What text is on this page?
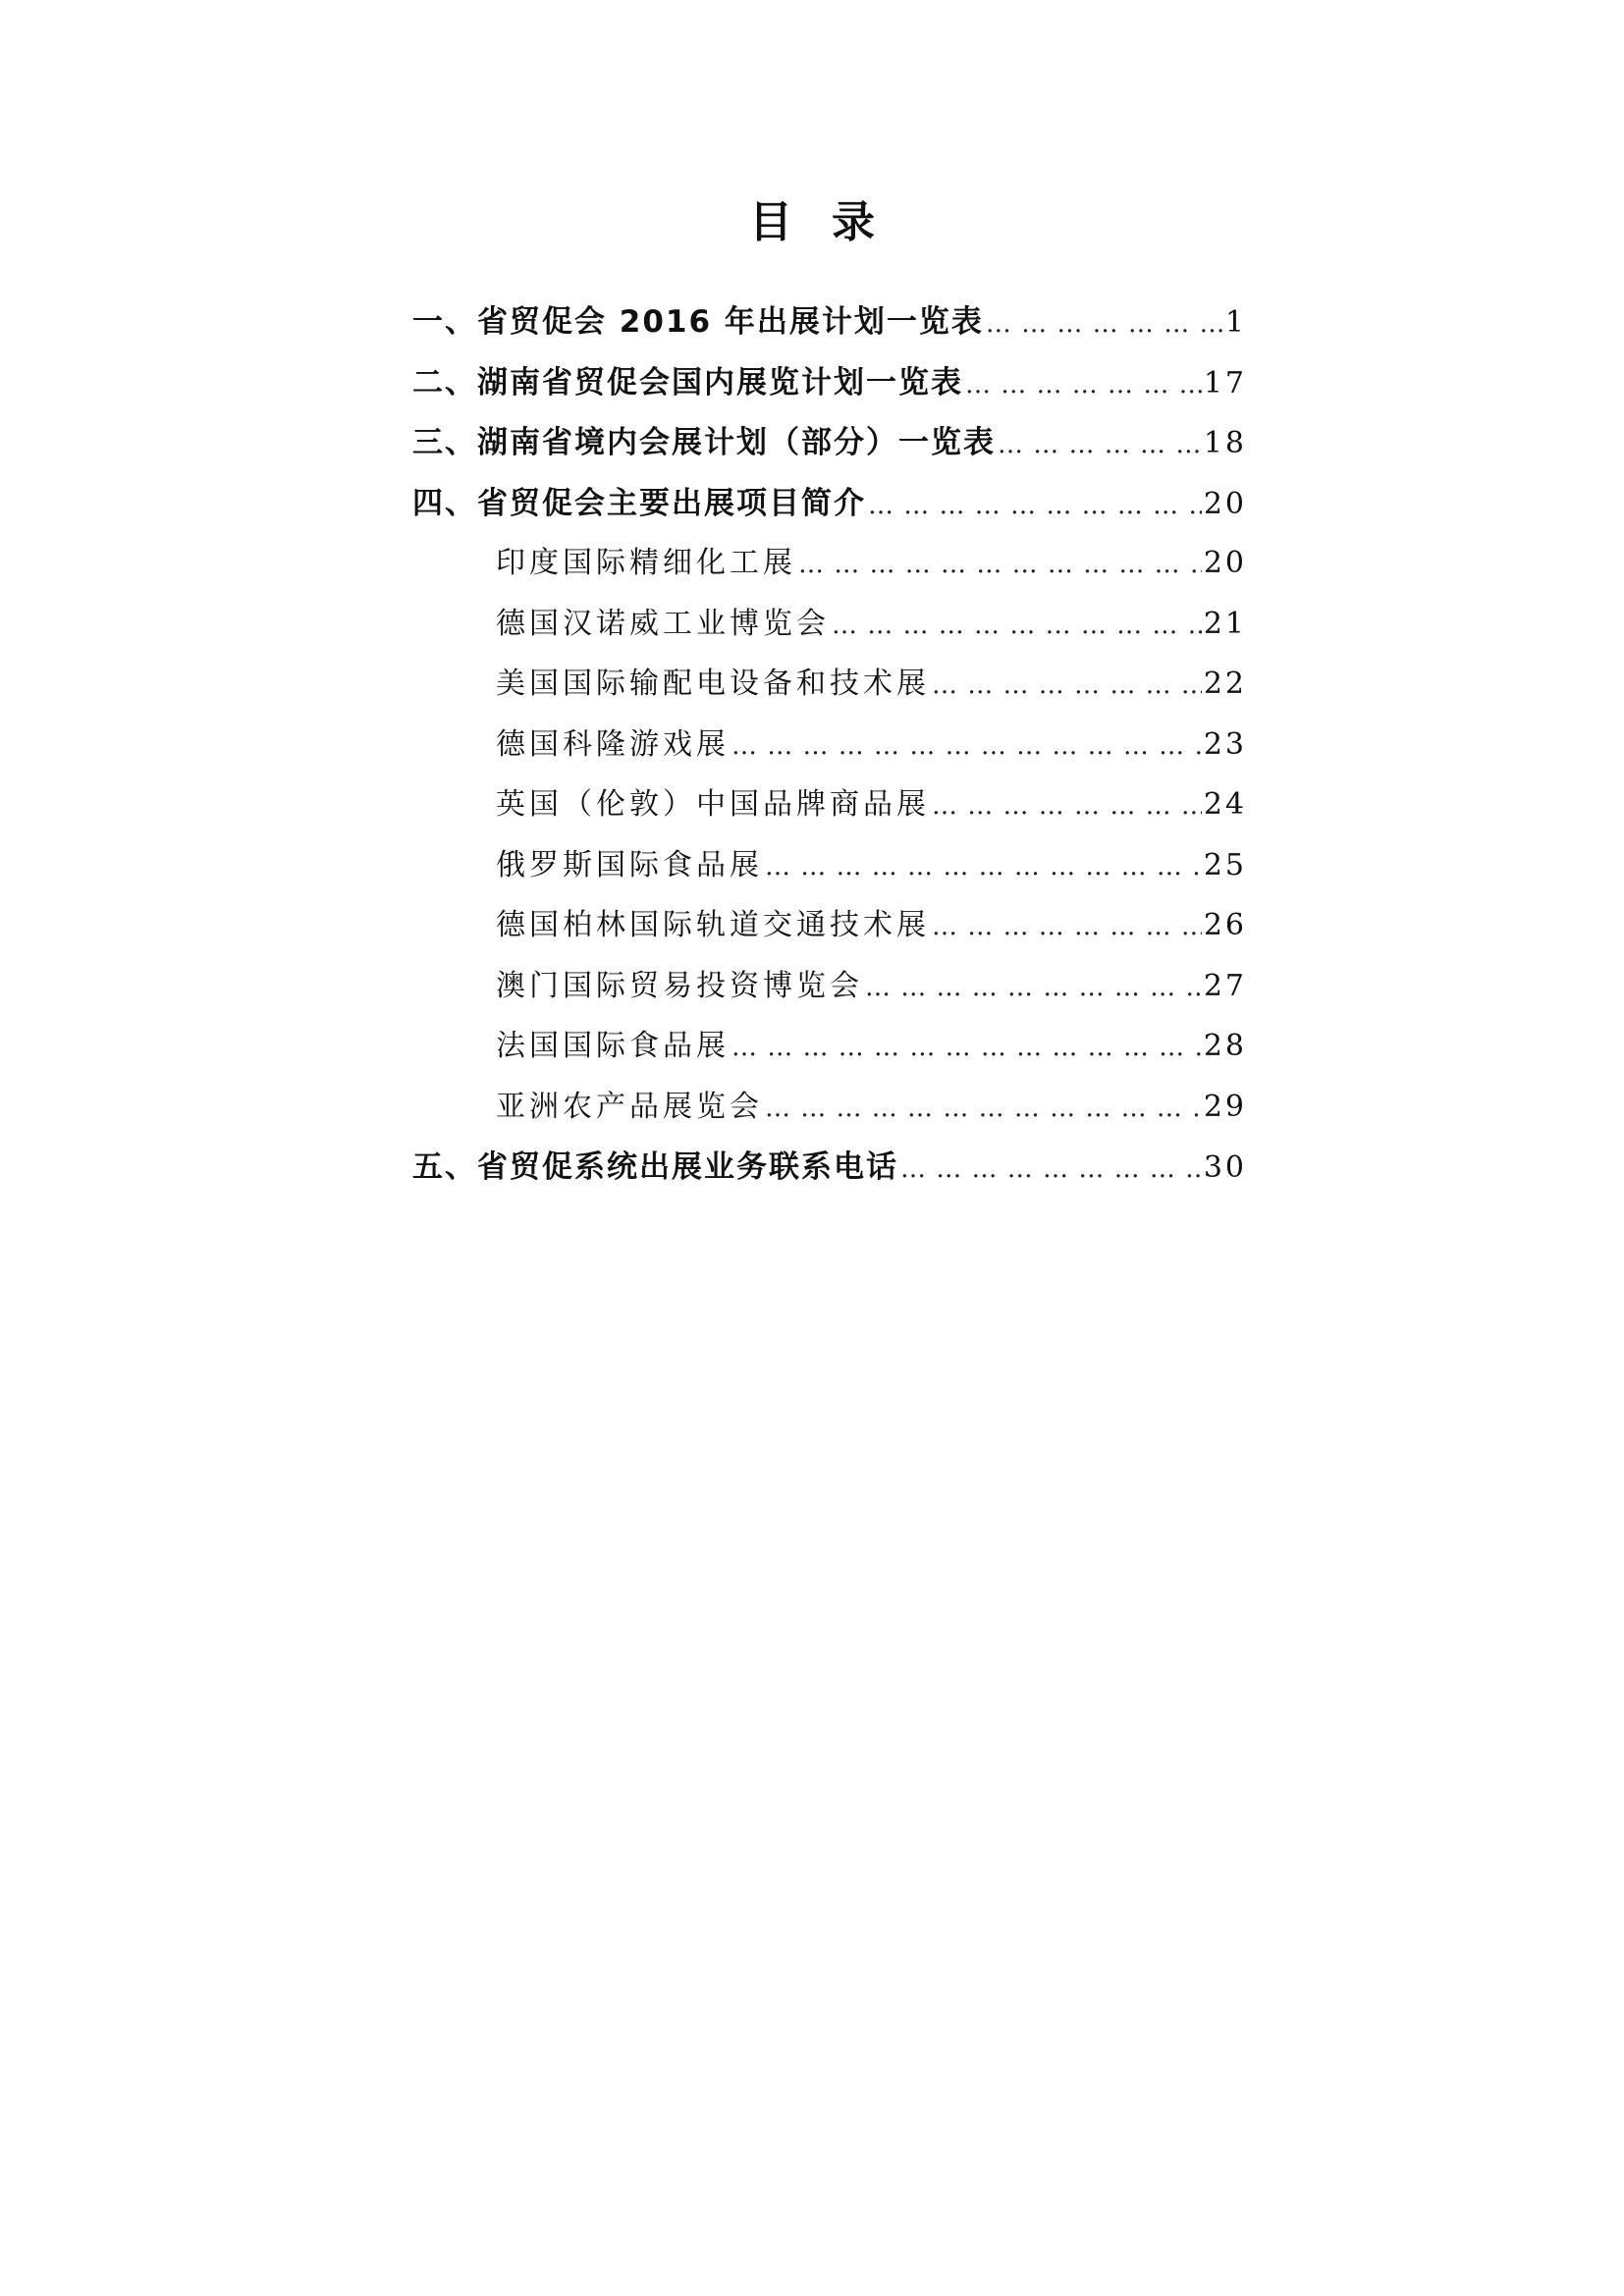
目录
一、省贸促会 2016 年出展计划一览表 … … … … … … … … … … … … … … … … … … … … … … … … … … … … … … … … … … … … … … … … … … … …	1
二、湖南省贸促会国内展览计划一览表 … … … … … … … … … … … … … … … … … … … … … … … … … … … … … … … … … … … … … … … … … … … …	17
三、湖南省境内会展计划（部分）一览表 … … … … … … … … … … … … … … … … … … … … … … … … … … … … … … … … … … … … … … … … … … … …	18
四、省贸促会主要出展项目简介 … … … … … … … … … … … … … … … … … … … … … … … … … … … … … … … … … … … … … … … … … … … …	20
印度国际精细化工展 … … … … … … … … … … … … … … … … … … … … … … … … … … … … … … … … … … … … … … … … … … … …	20
德国汉诺威工业博览会 … … … … … … … … … … … … … … … … … … … … … … … … … … … … … … … … … … … … … … … … … … … …	21
美国国际输配电设备和技术展 … … … … … … … … … … … … … … … … … … … … … … … … … … … … … … … … … … … … … … … … … … … …	22
德国科隆游戏展 … … … … … … … … … … … … … … … … … … … … … … … … … … … … … … … … … … … … … … … … … … … …	23
英国（伦敦）中国品牌商品展 … … … … … … … … … … … … … … … … … … … … … … … … … … … … … … … … … … … … … … … … … … … …	24
俄罗斯国际食品展 … … … … … … … … … … … … … … … … … … … … … … … … … … … … … … … … … … … … … … … … … … … …	25
德国柏林国际轨道交通技术展 … … … … … … … … … … … … … … … … … … … … … … … … … … … … … … … … … … … … … … … … … … … …	26
澳门国际贸易投资博览会 … … … … … … … … … … … … … … … … … … … … … … … … … … … … … … … … … … … … … … … … … … … …	27
法国国际食品展 … … … … … … … … … … … … … … … … … … … … … … … … … … … … … … … … … … … … … … … … … … … …	28
亚洲农产品展览会 … … … … … … … … … … … … … … … … … … … … … … … … … … … … … … … … … … … … … … … … … … … …	29
五、省贸促系统出展业务联系电话 … … … … … … … … … … … … … … … … … … … … … … … … … … … … … … … … … … … … … … … … … … … …	30
